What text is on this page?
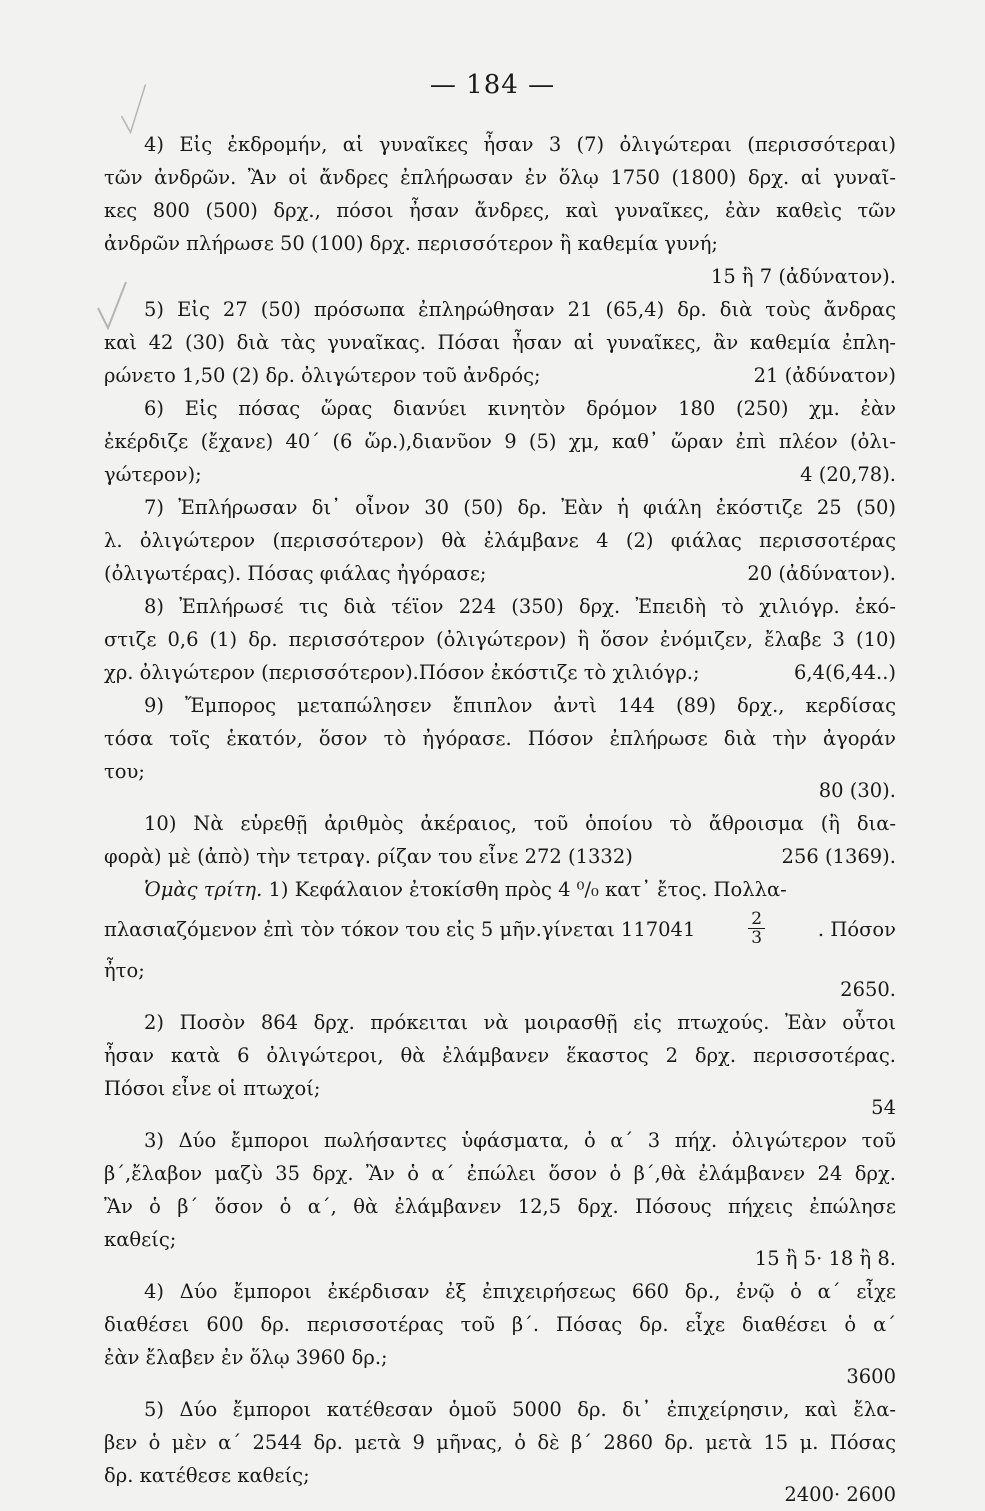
— 184 —
4) Εἰς ἐκδρομήν, αἱ γυναῖκες ἦσαν 3 (7) ὀλιγώτεραι (περισσότεραι)
τῶν ἀνδρῶν. Ἂν οἱ ἄνδρες ἐπλήρωσαν ἐν ὅλῳ 1750 (1800) δρχ. αἱ γυναῖ-
κες 800 (500) δρχ., πόσοι ἦσαν ἄνδρες, καὶ γυναῖκες, ἐὰν καθεὶς τῶν
ἀνδρῶν πλήρωσε 50 (100) δρχ. περισσότερον ἢ καθεμία γυνή;
15 ἢ 7 (ἀδύνατον).
5) Εἰς 27 (50) πρόσωπα ἐπληρώθησαν 21 (65,4) δρ. διὰ τοὺς ἄνδρας
καὶ 42 (30) διὰ τὰς γυναῖκας. Πόσαι ἦσαν αἱ γυναῖκες, ἂν καθεμία ἐπλη-
ρώνετο 1,50 (2) δρ. ὀλιγώτερον τοῦ ἀνδρός;	21 (ἀδύνατον)
6) Εἰς πόσας ὥρας διανύει κινητὸν δρόμον 180 (250) χμ. ἐὰν
ἐκέρδιζε (ἔχανε) 40΄ (6 ὥρ.),διανῦον 9 (5) χμ, καθ᾽ ὥραν ἐπὶ πλέον (ὀλι-
γώτερον);	4 (20,78).
7) Ἐπλήρωσαν δι᾽ οἶνον 30 (50) δρ. Ἐὰν ἡ φιάλη ἐκόστιζε 25 (50)
λ. ὀλιγώτερον (περισσότερον) θὰ ἐλάμβανε 4 (2) φιάλας περισσοτέρας
(ὀλιγωτέρας). Πόσας φιάλας ἠγόρασε;	20 (ἀδύνατον).
8) Ἐπλήρωσέ τις διὰ τέϊον 224 (350) δρχ. Ἐπειδὴ τὸ χιλιόγρ. ἐκό-
στιζε 0,6 (1) δρ. περισσότερον (ὀλιγώτερον) ἢ ὅσον ἐνόμιζεν, ἔλαβε 3 (10)
χρ. ὀλιγώτερον (περισσότερον).Πόσον ἐκόστιζε τὸ χιλιόγρ.;	6,4(6,44..)
9) Ἔμπορος μεταπώλησεν ἔπιπλον ἀντὶ 144 (89) δρχ., κερδίσας
τόσα τοῖς ἑκατόν, ὅσον τὸ ἠγόρασε. Πόσον ἐπλήρωσε διὰ τὴν ἀγοράν
του;
80 (30).
10) Νὰ εὑρεθῇ ἀριθμὸς ἀκέραιος, τοῦ ὁποίου τὸ ἄθροισμα (ἢ δια-
φορὰ) μὲ (ἀπὸ) τὴν τετραγ. ρίζαν του εἶνε 272 (1332)	256 (1369).
Ὁμὰς τρίτη. 1) Κεφάλαιον ἐτοκίσθη πρὸς 4 ⁰/₀ κατ᾽ ἔτος. Πολλα-
πλασιαζόμενον ἐπὶ τὸν τόκον του εἰς 5 μῆν.γίνεται 117041	$\frac{2}{3}$	. Πόσον
ἦτο;
2650.
2) Ποσὸν 864 δρχ. πρόκειται νὰ μοιρασθῇ εἰς πτωχούς. Ἐὰν οὗτοι
ἦσαν κατὰ 6 ὀλιγώτεροι, θὰ ἐλάμβανεν ἕκαστος 2 δρχ. περισσοτέρας.
Πόσοι εἶνε οἱ πτωχοί;
54
3) Δύο ἔμποροι πωλήσαντες ὑφάσματα, ὁ α΄ 3 πήχ. ὀλιγώτερον τοῦ
β΄,ἔλαβον μαζὺ 35 δρχ. Ἂν ὁ α΄ ἐπώλει ὅσον ὁ β΄,θὰ ἐλάμβανεν 24 δρχ.
Ἂν ὁ β΄ ὅσον ὁ α΄, θὰ ἐλάμβανεν 12,5 δρχ. Πόσους πήχεις ἐπώλησε
καθείς;
15 ἢ 5· 18 ἢ 8.
4) Δύο ἔμποροι ἐκέρδισαν ἐξ ἐπιχειρήσεως 660 δρ., ἐνῷ ὁ α΄ εἶχε
διαθέσει 600 δρ. περισσοτέρας τοῦ β΄. Πόσας δρ. εἶχε διαθέσει ὁ α΄
ἐὰν ἔλαβεν ἐν ὅλῳ 3960 δρ.;
3600
5) Δύο ἔμποροι κατέθεσαν ὁμοῦ 5000 δρ. δι᾽ ἐπιχείρησιν, καὶ ἔλα-
βεν ὁ μὲν α΄ 2544 δρ. μετὰ 9 μῆνας, ὁ δὲ β΄ 2860 δρ. μετὰ 15 μ. Πόσας
δρ. κατέθεσε καθείς;
2400· 2600
